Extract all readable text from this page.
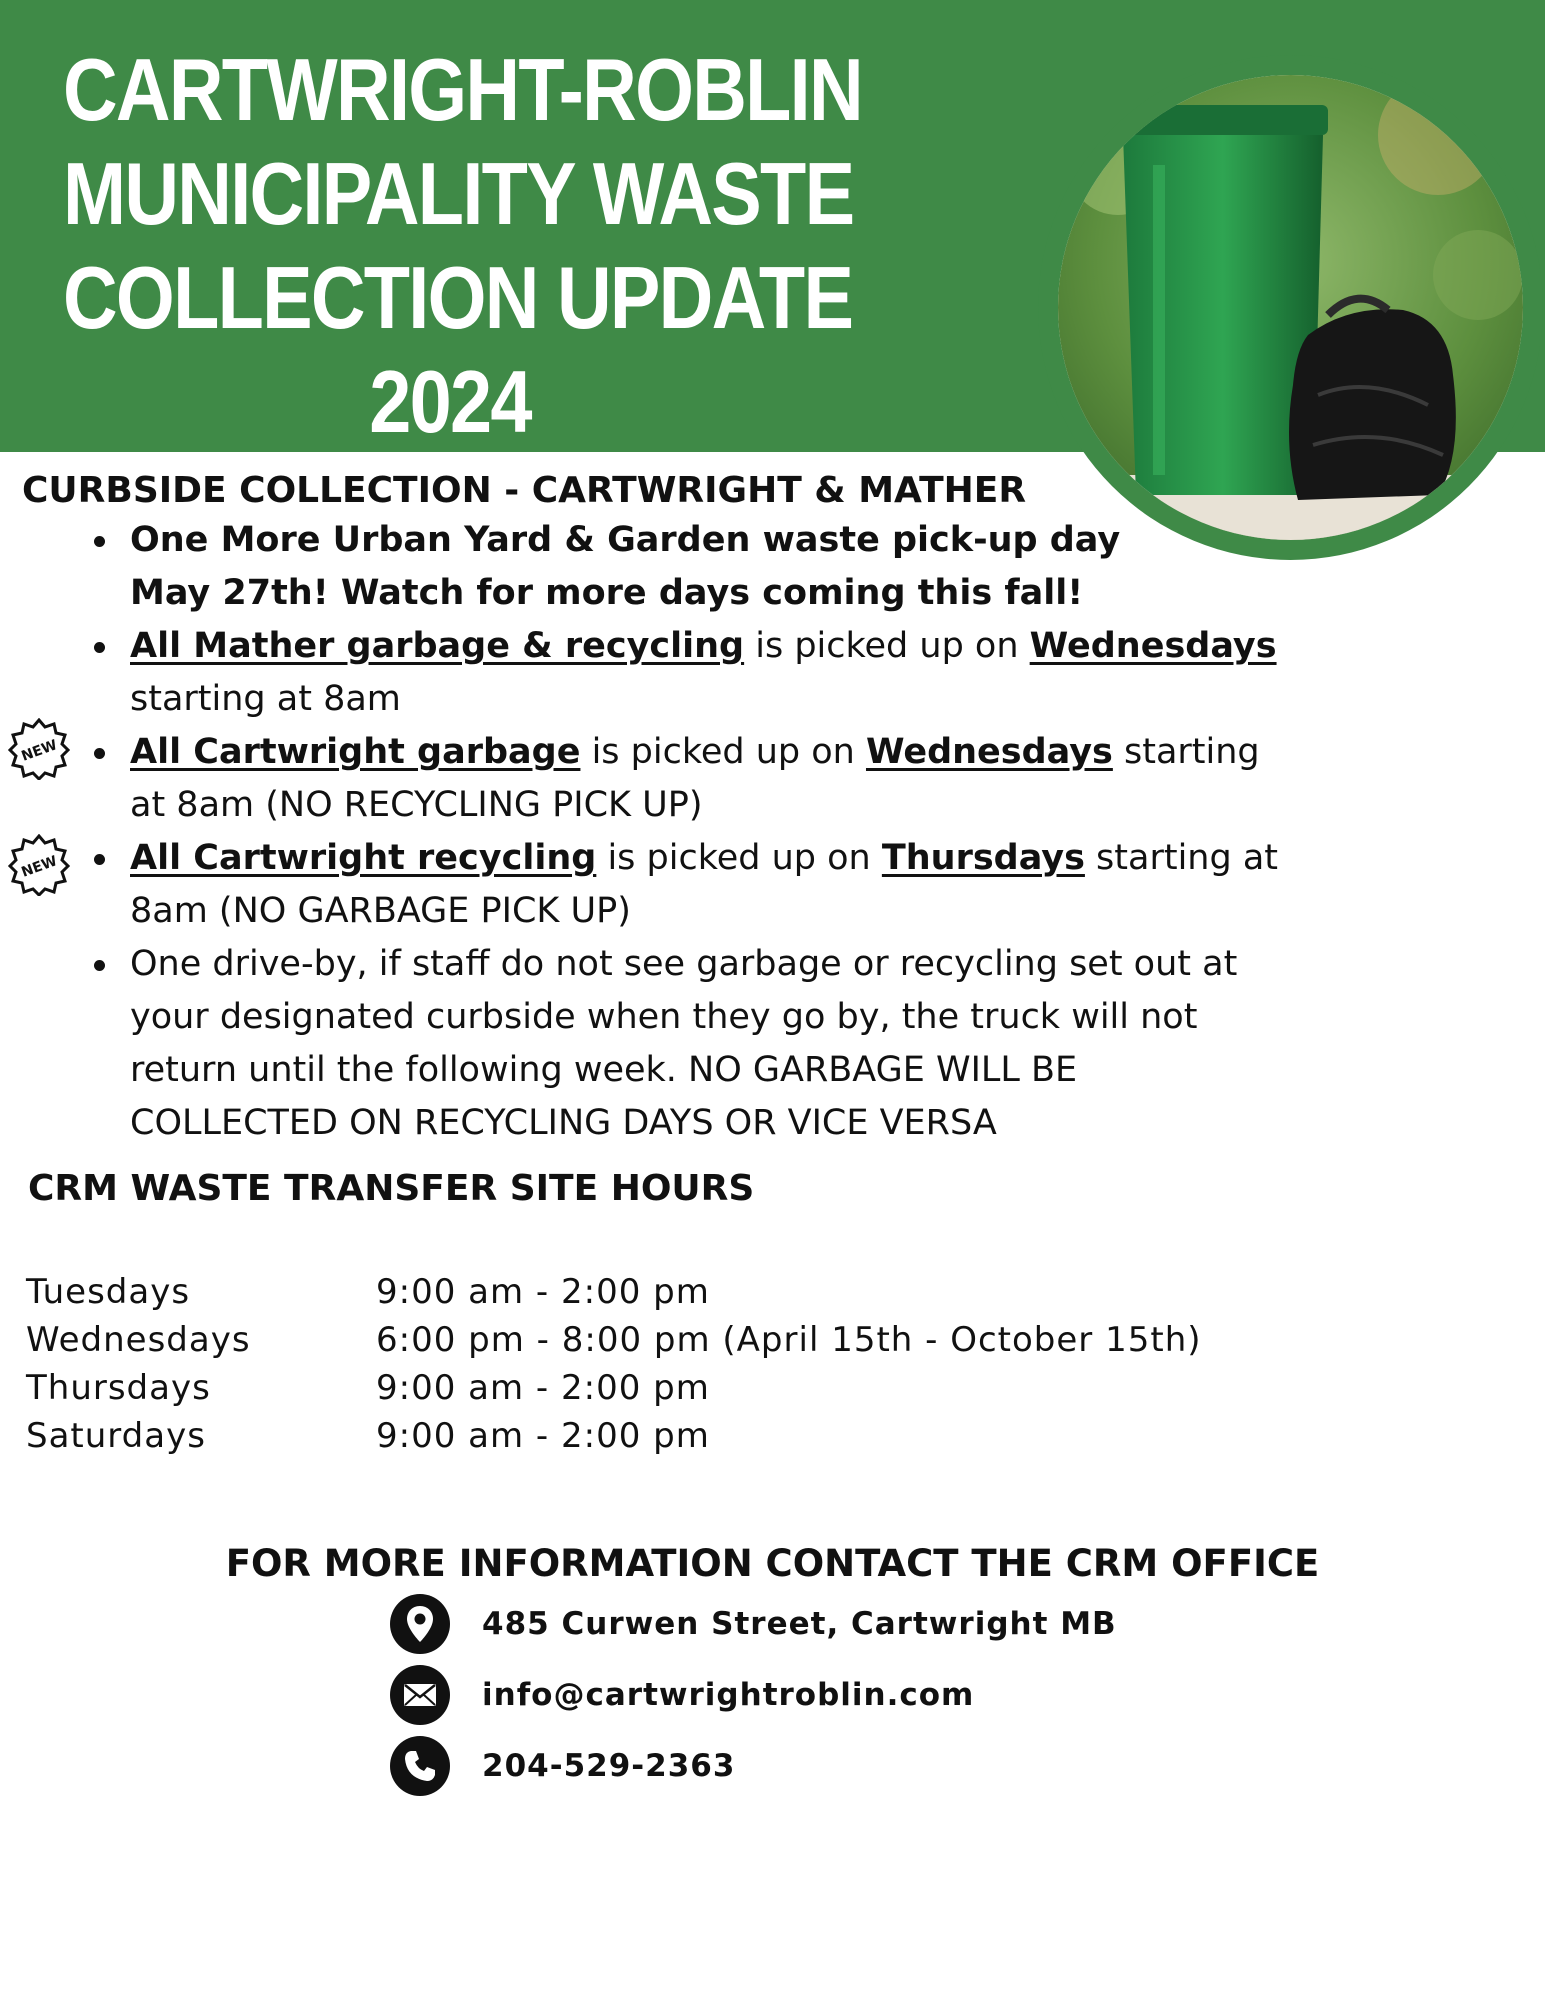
CARTWRIGHT-ROBLIN
MUNICIPALITY WASTE
COLLECTION UPDATE
2024
CURBSIDE COLLECTION - CARTWRIGHT & MATHER
NEW
NEW
One More Urban Yard & Garden waste pick-up day
May 27th! Watch for more days coming this fall!
All Mather garbage & recycling is picked up on Wednesdays starting at 8am
All Cartwright garbage is picked up on Wednesdays starting at 8am (NO RECYCLING PICK UP)
All Cartwright recycling is picked up on Thursdays starting at 8am (NO GARBAGE PICK UP)
One drive-by, if staff do not see garbage or recycling set out at your designated curbside when they go by, the truck will not return until the following week. NO GARBAGE WILL BE COLLECTED ON RECYCLING DAYS OR VICE VERSA
CRM WASTE TRANSFER SITE HOURS
Tuesdays	9:00 am - 2:00 pm
Wednesdays	6:00 pm - 8:00 pm (April 15th - October 15th)
Thursdays	9:00 am - 2:00 pm
Saturdays	9:00 am - 2:00 pm
FOR MORE INFORMATION CONTACT THE CRM OFFICE
485 Curwen Street, Cartwright MB
info@cartwrightroblin.com
204-529-2363
